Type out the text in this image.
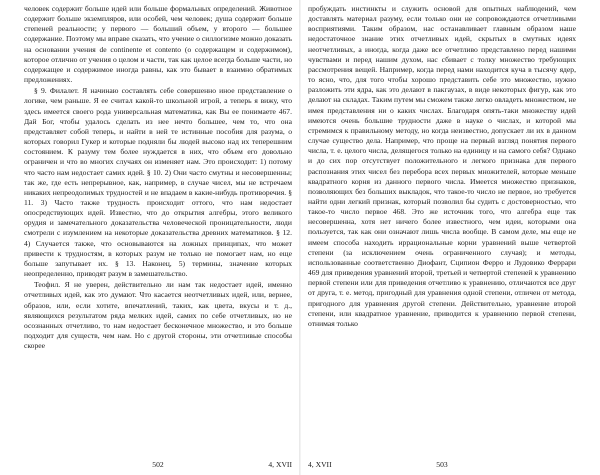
человек содержит больше идей или больше формальных определений. Животное содержит больше экземпляров, или особей, чем человек; душа содержит больше степеней реальности; у первого — больший объем, у второго — большее содержание. Поэтому мы вправе сказать, что учение о силлогизме можно доказать на основании учения de continente et contento (о содержащем и содержимом), которое отлично от учения о целом и части, так как целое всегда больше части, но содержащее и содержимое иногда равны, как это бывает в взаимно обратимых предложениях.

§ 9. Филалет. Я начинаю составлять себе совершенно иное представление о логике, чем раньше. Я ее считал какой-то школьной игрой, а теперь я вижу, что здесь имеется своего рода универсальная математика, как Вы ее понимаете 467. Дай Бог, чтобы удалось сделать из нее нечто большее, чем то, что она представляет собой теперь, и найти в ней те истинные пособия для разума, о которых говорил Гукер и которые подняли бы людей высоко над их теперешним состоянием. К разуму тем более нуждается в них, что объем его довольно ограничен и что во многих случаях он изменяет нам. Это происходит: 1) потому что часто нам недостает самих идей. § 10. 2) Они часто смутны и несовершенны; так же, где есть непрерывное, как, например, в случае чисел, мы не встречаем никаких непреодолимых трудностей и не впадаем в какие-нибудь противоречия. § 11. 3) Часто также трудность происходит оттого, что нам недостает опосредствующих идей. Известно, что до открытия алгебры, этого великого орудия и замечательного доказательства человеческой проницательности, люди смотрели с изумлением на некоторые доказательства древних математиков. § 12. 4) Случается также, что основываются на ложных принципах, что может привести к трудностям, в которых разум не только не помогает нам, но еще больше запутывает их. § 13. Наконец, 5) термины, значение которых неопределенно, приводят разум в замешательство.

Теофил. Я не уверен, действительно ли нам так недостает идей, именно отчетливых идей, как это думают. Что касается неотчетливых идей, или, вернее, образов, или, если хотите, впечатлений, таких, как цвета, вкусы и т. д., являющихся результатом ряда мелких идей, самих по себе отчетливых, но не осознанных отчетливо, то нам недостает бесконечное множество, и это больше подходит для существ, чем нам. Но с другой стороны, эти отчетливые способы скорее

502	4, XVII

пробуждать инстинкты и служить основой для опытных наблюдений, чем доставлять материал разуму, если только они не сопровождаются отчетливыми восприятиями. Таким образом, нас останавливает главным образом наше недостаточное знание этих отчетливых идей, скрытых в смутных идеях неотчетливых, а иногда, когда даже все отчетливо представлено перед нашими чувствами и перед нашим духом, нас сбивает с толку множество требующих рассмотрения вещей. Например, когда перед нами находится куча в тысячу ядер, то ясно, что, для того чтобы хорошо представить себе это множество, нужно разложить эти ядра, как это делают в пакгаузах, в виде некоторых фигур, как это делают на складах. Таким путем мы сможем также легко овладеть множеством, не имея представления ни о каких числах. Благодаря опять-таки множеству идей имеются очень большие трудности даже в науке о числах, и которой мы стремимся к правильному методу, но когда неизвестно, допускает ли их в данном случае существо дела. Например, что проще на первый взгляд понятия первого числа, т. е. целого числа, делящегося только на единицу и на самого себя? Однако и до сих пор отсутствует положительного и легкого признака для первого распознания этих чисел без перебора всех первых множителей, которые меньше квадратного корня из данного первого числа. Имеется множество признаков, позволяющих без больших выкладок, что такое-то число не первое, но требуется найти одни легкий признак, который позволил бы судить с достоверностью, что такое-то число первое 468. Это же источник того, что алгебра еще так несовершенна, хотя нет ничего более известного, чем идеи, которыми она пользуется, так как они означают лишь числа вообще. В самом деле, мы еще не имеем способа находить иррациональные корни уравнений выше четвертой степени (за исключением очень ограниченного случая); и методы, использованные соответственно Диофант, Сципион Ферро и Лудовико Феррари 469 для приведения уравнений второй, третьей и четвертой степеней к уравнению первой степени или для приведения отчетливо к уравнению, отличаются все друг от друга, т. е. метод, пригодный для уравнения одной степени, отличен от метода, пригодного для уравнения другой степени. Действительно, уравнение второй степени, или квадратное уравнение, приводится к уравнению первой степени, отнимая только

4, XVII	503
